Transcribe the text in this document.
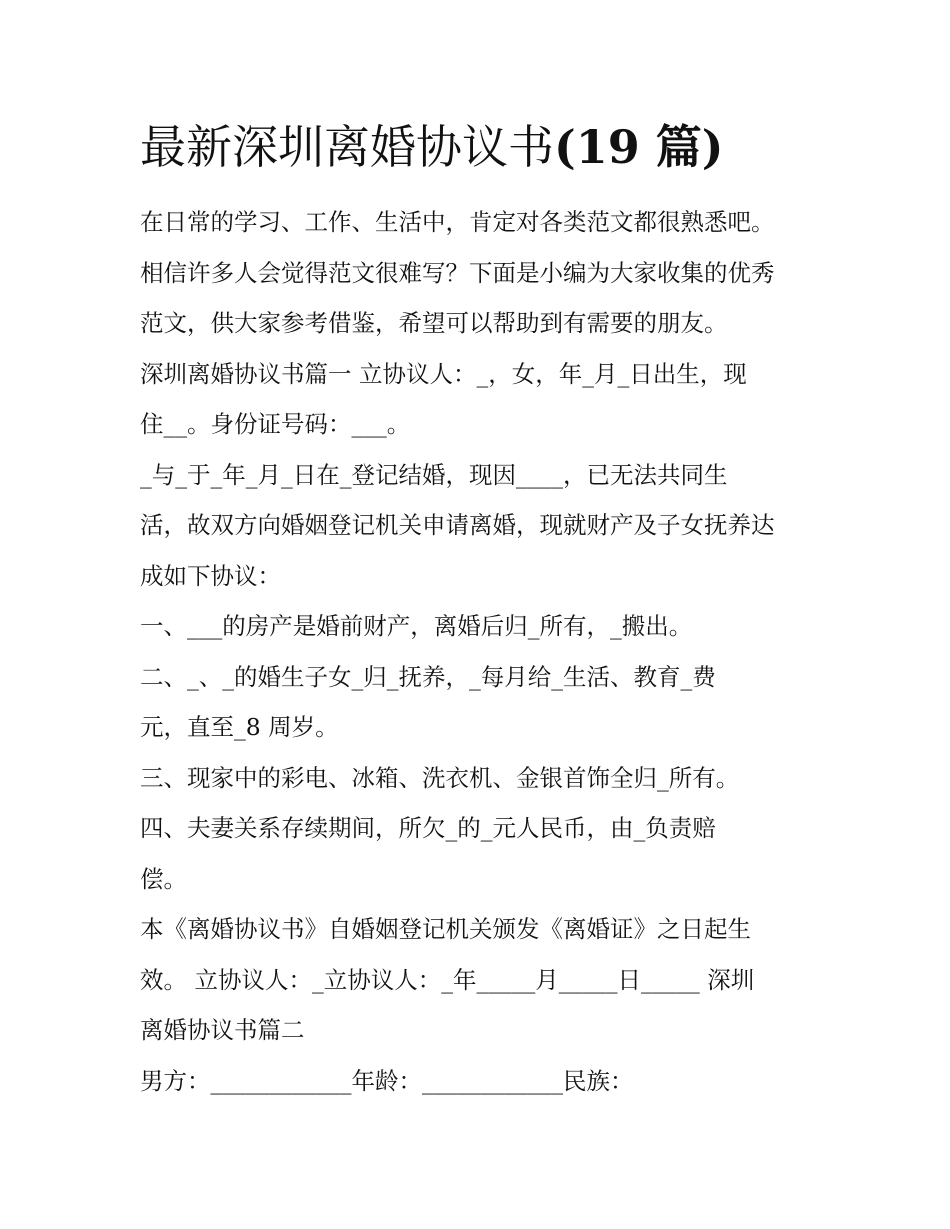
最新深圳离婚协议书(19 篇)

在日常的学习、工作、生活中，肯定对各类范文都很熟悉吧。

相信许多人会觉得范文很难写？下面是小编为大家收集的优秀

范文，供大家参考借鉴，希望可以帮助到有需要的朋友。

深圳离婚协议书篇一 立协议人：_，女，年_月_日出生，现

住__。身份证号码：___。

_与_于_年_月_日在_登记结婚，现因____，已无法共同生

活，故双方向婚姻登记机关申请离婚，现就财产及子女抚养达

成如下协议：

一、___的房产是婚前财产，离婚后归_所有，_搬出。

二、_、_的婚生子女_归_抚养，_每月给_生活、教育_费

元，直至_8 周岁。

三、现家中的彩电、冰箱、洗衣机、金银首饰全归_所有。

四、夫妻关系存续期间，所欠_的_元人民币，由_负责赔

偿。

本《离婚协议书》自婚姻登记机关颁发《离婚证》之日起生

效。 立协议人：_立协议人：_年_____月_____日_____ 深圳

离婚协议书篇二

男方：____________年龄：____________民族：
